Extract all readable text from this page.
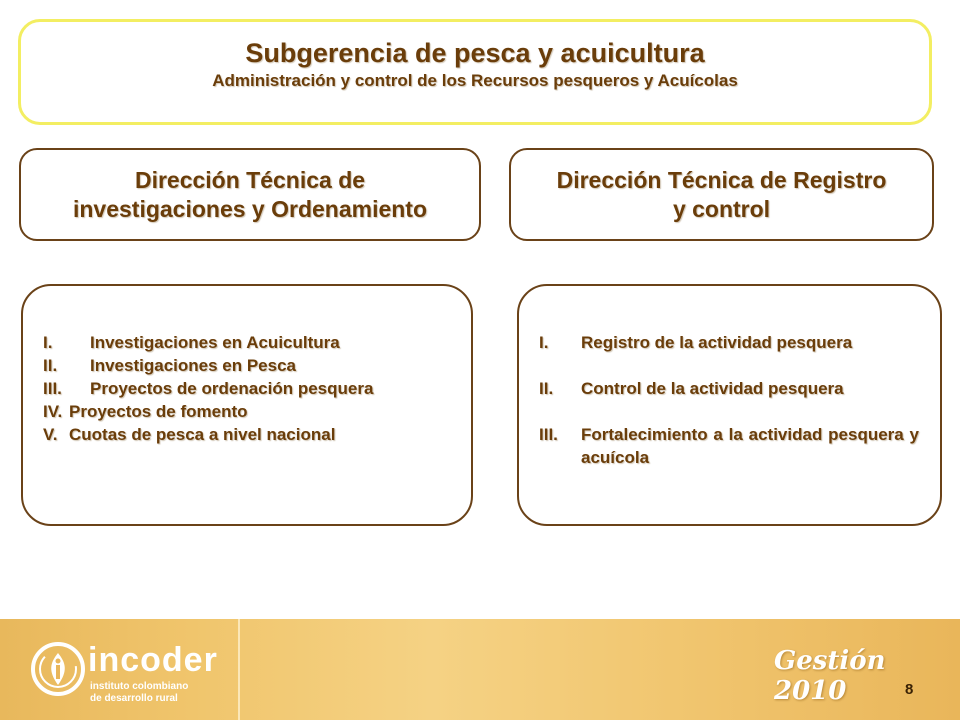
Subgerencia de pesca y acuicultura
Administración y control de los Recursos pesqueros y Acuícolas
Dirección Técnica de
investigaciones y Ordenamiento
Dirección Técnica de Registro
y control
I.	Investigaciones en Acuicultura
II.	Investigaciones en Pesca
III.	Proyectos de ordenación pesquera
IV. Proyectos de fomento
V. Cuotas de pesca a nivel nacional
I.	Registro de la actividad pesquera
II.	Control de la actividad pesquera
III.	Fortalecimiento a la actividad pesquera y acuícola
incoder
instituto colombiano
de desarrollo rural
Gestión 2010	8
